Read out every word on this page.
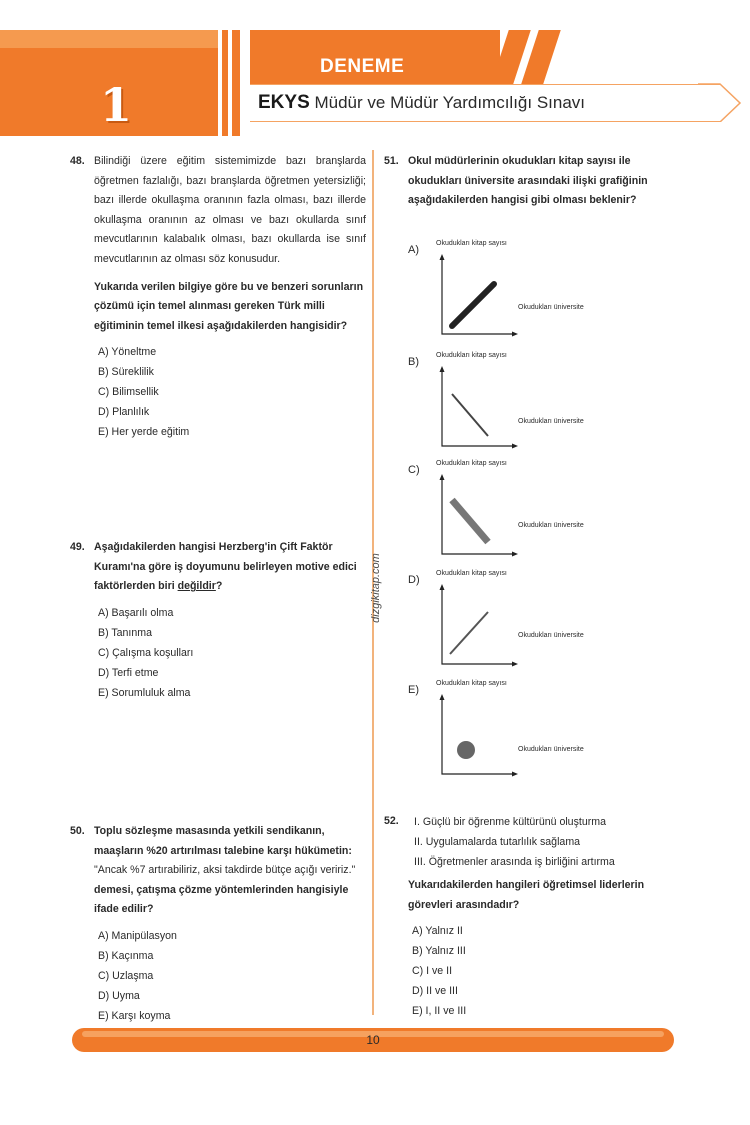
1
DENEME
EKYS Müdür ve Müdür Yardımcılığı Sınavı
dizgikitap.com
48. Bilindiği üzere eğitim sistemimizde bazı branşlarda öğretmen fazlalığı, bazı branşlarda öğretmen yetersizliği; bazı illerde okullaşma oranının fazla olması, bazı illerde okullaşma oranının az olması ve bazı okullarda sınıf mevcutlarının kalabalık olması, bazı okullarda ise sınıf mevcutlarının az olması söz konusudur.
Yukarıda verilen bilgiye göre bu ve benzeri sorunların çözümü için temel alınması gereken Türk milli eğitiminin temel ilkesi aşağıdakilerden hangisidir?
A) Yöneltme
B) Süreklilik
C) Bilimsellik
D) Planlılık
E) Her yerde eğitim
49. Aşağıdakilerden hangisi Herzberg'in Çift Faktör Kuramı'na göre iş doyumunu belirleyen motive edici faktörlerden biri değildir?
A) Başarılı olma
B) Tanınma
C) Çalışma koşulları
D) Terfi etme
E) Sorumluluk alma
50. Toplu sözleşme masasında yetkili sendikanın, maaşların %20 artırılması talebine karşı hükümetin: "Ancak %7 artırabiliriz, aksi takdirde bütçe açığı veririz." demesi, çatışma çözme yöntemlerinden hangisiyle ifade edilir?
A) Manipülasyon
B) Kaçınma
C) Uzlaşma
D) Uyma
E) Karşı koyma
51. Okul müdürlerinin okudukları kitap sayısı ile okudukları üniversite arasındaki ilişki grafiğinin aşağıdakilerden hangisi gibi olması beklenir?
A)
Okudukları kitap sayısı
Okudukları üniversite
B)
Okudukları kitap sayısı
Okudukları üniversite
C)
Okudukları kitap sayısı
Okudukları üniversite
D)
Okudukları kitap sayısı
Okudukları üniversite
E)
Okudukları kitap sayısı
Okudukları üniversite
52. I. Güçlü bir öğrenme kültürünü oluşturma
II. Uygulamalarda tutarlılık sağlama
III. Öğretmenler arasında iş birliğini artırma
Yukarıdakilerden hangileri öğretimsel liderlerin görevleri arasındadır?
A) Yalnız II
B) Yalnız III
C) I ve II
D) II ve III
E) I, II ve III
10
